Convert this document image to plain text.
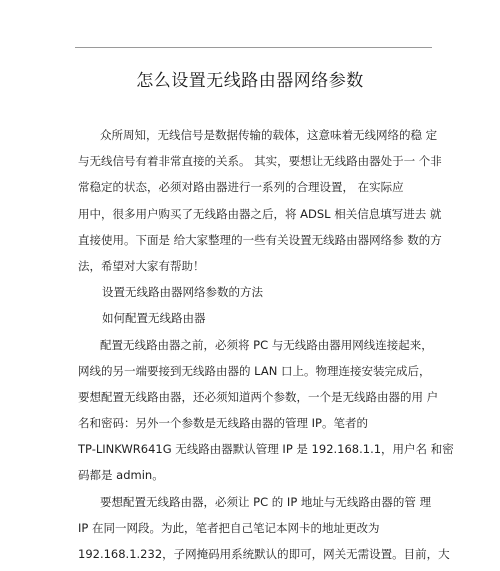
怎么设置无线路由器网络参数
众所周知，无线信号是数据传输的载体，这意味着无线网络的稳 定
与无线信号有着非常直接的关系。 其实，要想让无线路由器处于一 个非
常稳定的状态，必须对路由器进行一系列的合理设置， 在实际应
用中，很多用户购买了无线路由器之后，将 ADSL 相关信息填写进去 就
直接使用。下面是 给大家整理的一些有关设置无线路由器网络参 数的方
法，希望对大家有帮助！
设置无线路由器网络参数的方法
如何配置无线路由器
配置无线路由器之前，必须将 PC 与无线路由器用网线连接起来，
网线的另一端要接到无线路由器的 LAN 口上。物理连接安装完成后，
要想配置无线路由器，还必须知道两个参数，一个是无线路由器的用 户
名和密码：另外一个参数是无线路由器的管理 IP。笔者的
TP-LINKWR641G 无线路由器默认管理 IP 是 192.168.1.1，用户名 和密
码都是 admin。
要想配置无线路由器，必须让 PC 的 IP 地址与无线路由器的管 理
IP 在同一网段。为此，笔者把自己笔记本网卡的地址更改为
192.168.1.232，子网掩码用系统默认的即可，网关无需设置。目前，大
